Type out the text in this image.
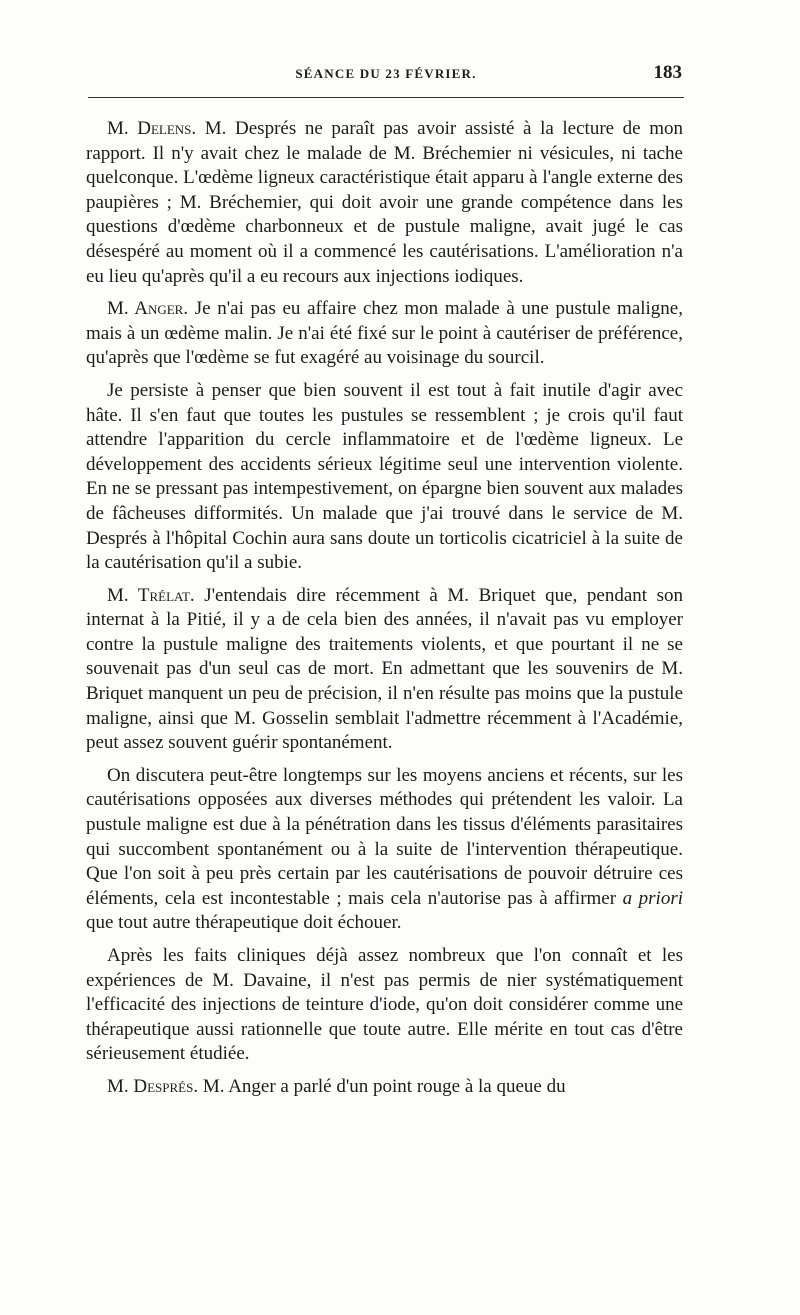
SÉANCE DU 23 FÉVRIER.	183

M. Delens. M. Després ne paraît pas avoir assisté à la lecture de mon rapport. Il n'y avait chez le malade de M. Bréchemier ni vésicules, ni tache quelconque. L'œdème ligneux caractéristique était apparu à l'angle externe des paupières ; M. Bréchemier, qui doit avoir une grande compétence dans les questions d'œdème charbonneux et de pustule maligne, avait jugé le cas désespéré au moment où il a commencé les cautérisations. L'amélioration n'a eu lieu qu'après qu'il a eu recours aux injections iodiques.

M. Anger. Je n'ai pas eu affaire chez mon malade à une pustule maligne, mais à un œdème malin. Je n'ai été fixé sur le point à cautériser de préférence, qu'après que l'œdème se fut exagéré au voisinage du sourcil.

Je persiste à penser que bien souvent il est tout à fait inutile d'agir avec hâte. Il s'en faut que toutes les pustules se ressemblent ; je crois qu'il faut attendre l'apparition du cercle inflammatoire et de l'œdème ligneux. Le développement des accidents sérieux légitime seul une intervention violente. En ne se pressant pas intempestivement, on épargne bien souvent aux malades de fâcheuses difformités. Un malade que j'ai trouvé dans le service de M. Després à l'hôpital Cochin aura sans doute un torticolis cicatriciel à la suite de la cautérisation qu'il a subie.

M. Trélat. J'entendais dire récemment à M. Briquet que, pendant son internat à la Pitié, il y a de cela bien des années, il n'avait pas vu employer contre la pustule maligne des traitements violents, et que pourtant il ne se souvenait pas d'un seul cas de mort. En admettant que les souvenirs de M. Briquet manquent un peu de précision, il n'en résulte pas moins que la pustule maligne, ainsi que M. Gosselin semblait l'admettre récemment à l'Académie, peut assez souvent guérir spontanément.

On discutera peut-être longtemps sur les moyens anciens et récents, sur les cautérisations opposées aux diverses méthodes qui prétendent les valoir. La pustule maligne est due à la pénétration dans les tissus d'éléments parasitaires qui succombent spontanément ou à la suite de l'intervention thérapeutique. Que l'on soit à peu près certain par les cautérisations de pouvoir détruire ces éléments, cela est incontestable ; mais cela n'autorise pas à affirmer a priori que tout autre thérapeutique doit échouer.

Après les faits cliniques déjà assez nombreux que l'on connaît et les expériences de M. Davaine, il n'est pas permis de nier systématiquement l'efficacité des injections de teinture d'iode, qu'on doit considérer comme une thérapeutique aussi rationnelle que toute autre. Elle mérite en tout cas d'être sérieusement étudiée.

M. Després. M. Anger a parlé d'un point rouge à la queue du
